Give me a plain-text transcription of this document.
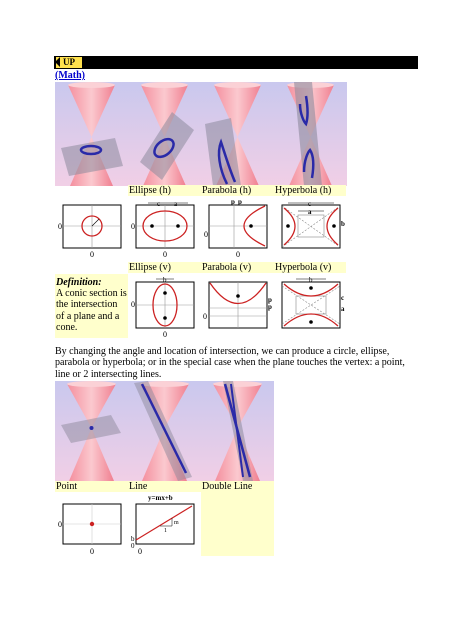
UP
(Math)
Ellipse (h)	Parabola (h) Hyperbola (h)
0
0
c a
0
0
p p
0
0
c
a
b
Ellipse (v)	Parabola (v) Hyperbola (v)
Definition:
A conic section is the intersection of a plane and a cone.
b
0
0
p
p
0
b
c
a
By changing the angle and location of intersection, we can produce a circle, ellipse, parabola or hyperbola; or in the special case when the plane touches the vertex: a point, line or 2 intersecting lines.
Point	Line	Double Line
0
0
y=mx+b
m
1
b
0
0
